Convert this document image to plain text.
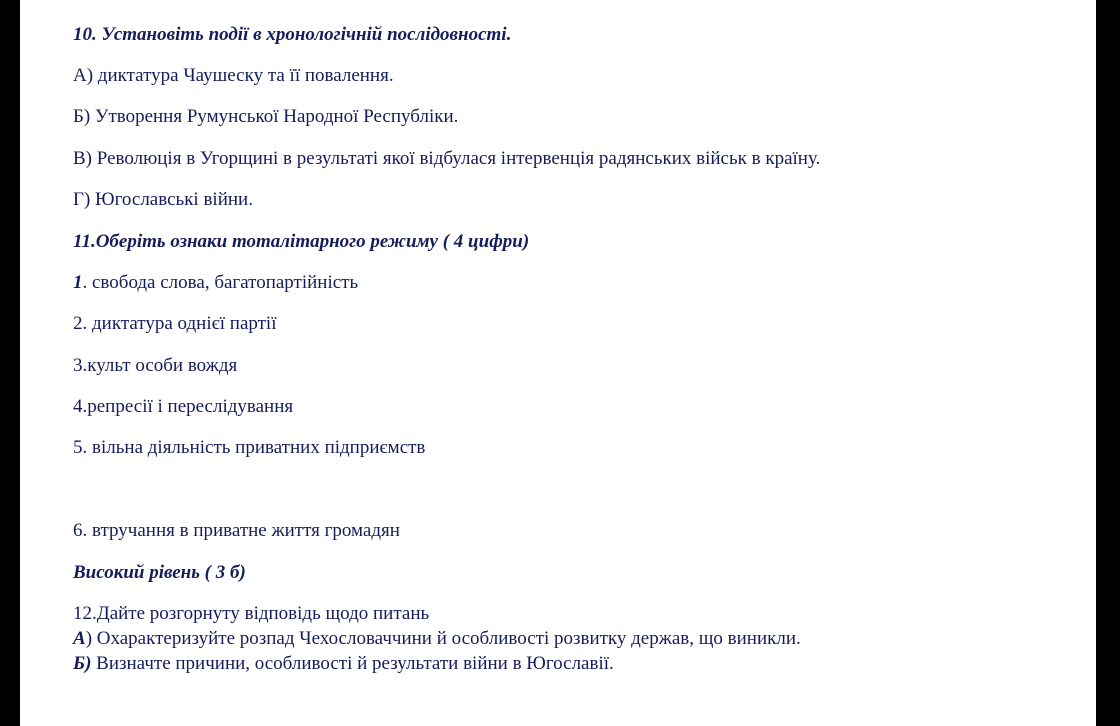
10. Установіть події в хронологічній послідовності.

А) диктатура Чаушеску та її повалення.

Б) Утворення Румунської Народної Республіки.

В) Революція в Угорщині в результаті якої відбулася інтервенція радянських військ в країну.

Г) Югославські війни.

11.Оберіть ознаки тоталітарного режиму ( 4 цифри)

1. свобода слова, багатопартійність

2. диктатура однієї партії

3.культ особи вождя

4.репресії і переслідування

5. вільна діяльність приватних підприємств

6. втручання в приватне життя громадян

Високий рівень ( 3 б)

12.Дайте розгорнуту відповідь щодо питань

А) Охарактеризуйте розпад Чехословаччини й особливості розвитку держав, що виникли.

Б) Визначте причини, особливості й результати війни в Югославії.
